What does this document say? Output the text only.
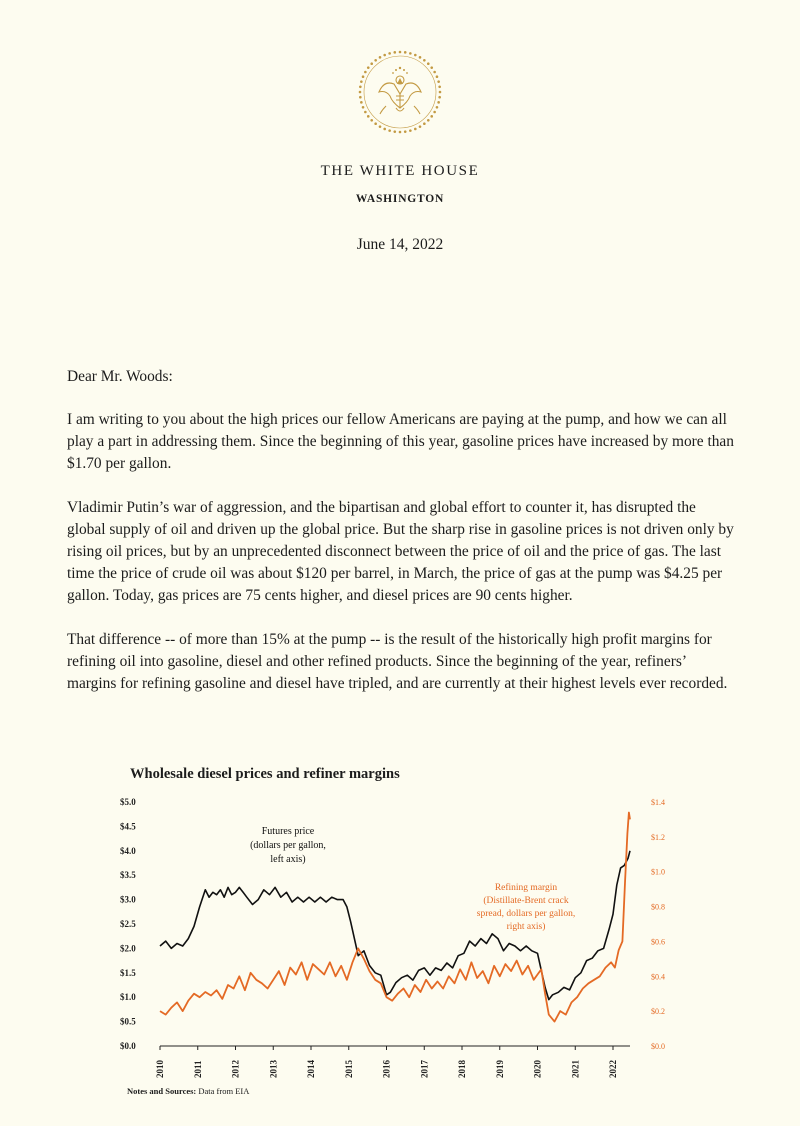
THE WHITE HOUSE
WASHINGTON
June 14, 2022

Dear Mr. Woods:

I am writing to you about the high prices our fellow Americans are paying at the pump, and how we can all play a part in addressing them. Since the beginning of this year, gasoline prices have increased by more than $1.70 per gallon.

Vladimir Putin’s war of aggression, and the bipartisan and global effort to counter it, has disrupted the global supply of oil and driven up the global price. But the sharp rise in gasoline prices is not driven only by rising oil prices, but by an unprecedented disconnect between the price of oil and the price of gas. The last time the price of crude oil was about $120 per barrel, in March, the price of gas at the pump was $4.25 per gallon. Today, gas prices are 75 cents higher, and diesel prices are 90 cents higher.

That difference -- of more than 15% at the pump -- is the result of the historically high profit margins for refining oil into gasoline, diesel and other refined products. Since the beginning of the year, refiners’ margins for refining gasoline and diesel have tripled, and are currently at their highest levels ever recorded.

Wholesale diesel prices and refiner margins
$0.0
$0.5
$1.0
$1.5
$2.0
$2.5
$3.0
$3.5
$4.0
$4.5
$5.0
$0.0
$0.2
$0.4
$0.6
$0.8
$1.0
$1.2
$1.4
2010	2011	2012	2013	2014	2015	2016	2017	2018	2019	2020	2021	2022
Futures price
(dollars per gallon,
left axis)
Refining margin
(Distillate-Brent crack
spread, dollars per gallon,
right axis)
Notes and Sources: Data from EIA
